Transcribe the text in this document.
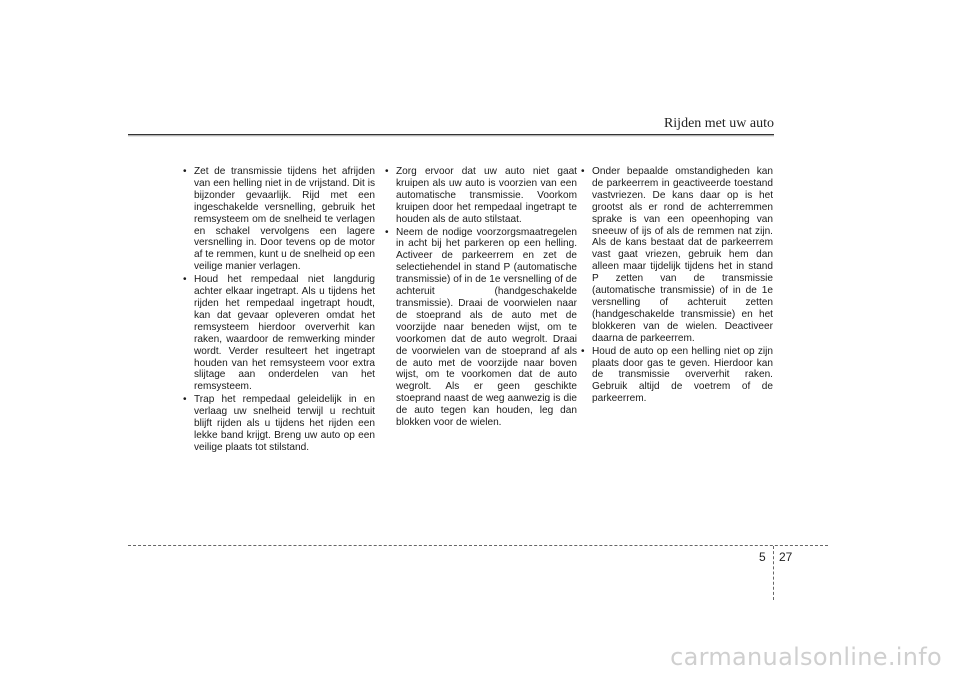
Rijden met uw auto
• Zet de transmissie tijdens het afrijden van een helling niet in de vrijstand. Dit is bijzonder gevaarlijk. Rijd met een ingeschakelde versnelling, gebruik het remsysteem om de snelheid te verlagen en schakel vervolgens een lagere versnelling in. Door tevens op de motor af te remmen, kunt u de snelheid op een veilige manier verlagen.
• Houd het rempedaal niet langdurig achter elkaar ingetrapt. Als u tijdens het rijden het rempedaal ingetrapt houdt, kan dat gevaar opleveren omdat het remsysteem hierdoor oververhit kan raken, waardoor de remwerking minder wordt. Verder resulteert het ingetrapt houden van het remsysteem voor extra slijtage aan onderdelen van het remsysteem.
• Trap het rempedaal geleidelijk in en verlaag uw snelheid terwijl u rechtuit blijft rijden als u tijdens het rijden een lekke band krijgt. Breng uw auto op een veilige plaats tot stilstand.
• Zorg ervoor dat uw auto niet gaat kruipen als uw auto is voorzien van een automatische transmissie. Voorkom kruipen door het rempedaal ingetrapt te houden als de auto stilstaat.
• Neem de nodige voorzorgsmaatregelen in acht bij het parkeren op een helling. Activeer de parkeerrem en zet de selectiehendel in stand P (automatische transmissie) of in de 1e versnelling of de achteruit (handgeschakelde transmissie). Draai de voorwielen naar de stoeprand als de auto met de voorzijde naar beneden wijst, om te voorkomen dat de auto wegrolt. Draai de voorwielen van de stoeprand af als de auto met de voorzijde naar boven wijst, om te voorkomen dat de auto wegrolt. Als er geen geschikte stoeprand naast de weg aanwezig is die de auto tegen kan houden, leg dan blokken voor de wielen.
• Onder bepaalde omstandigheden kan de parkeerrem in geactiveerde toestand vastvriezen. De kans daar op is het grootst als er rond de achterremmen sprake is van een opeenhoping van sneeuw of ijs of als de remmen nat zijn. Als de kans bestaat dat de parkeerrem vast gaat vriezen, gebruik hem dan alleen maar tijdelijk tijdens het in stand P zetten van de transmissie (automatische transmissie) of in de 1e versnelling of achteruit zetten (handgeschakelde transmissie) en het blokkeren van de wielen. Deactiveer daarna de parkeerrem.
• Houd de auto op een helling niet op zijn plaats door gas te geven. Hierdoor kan de transmissie oververhit raken. Gebruik altijd de voetrem of de parkeerrem.
5 27
carmanualsonline.info
